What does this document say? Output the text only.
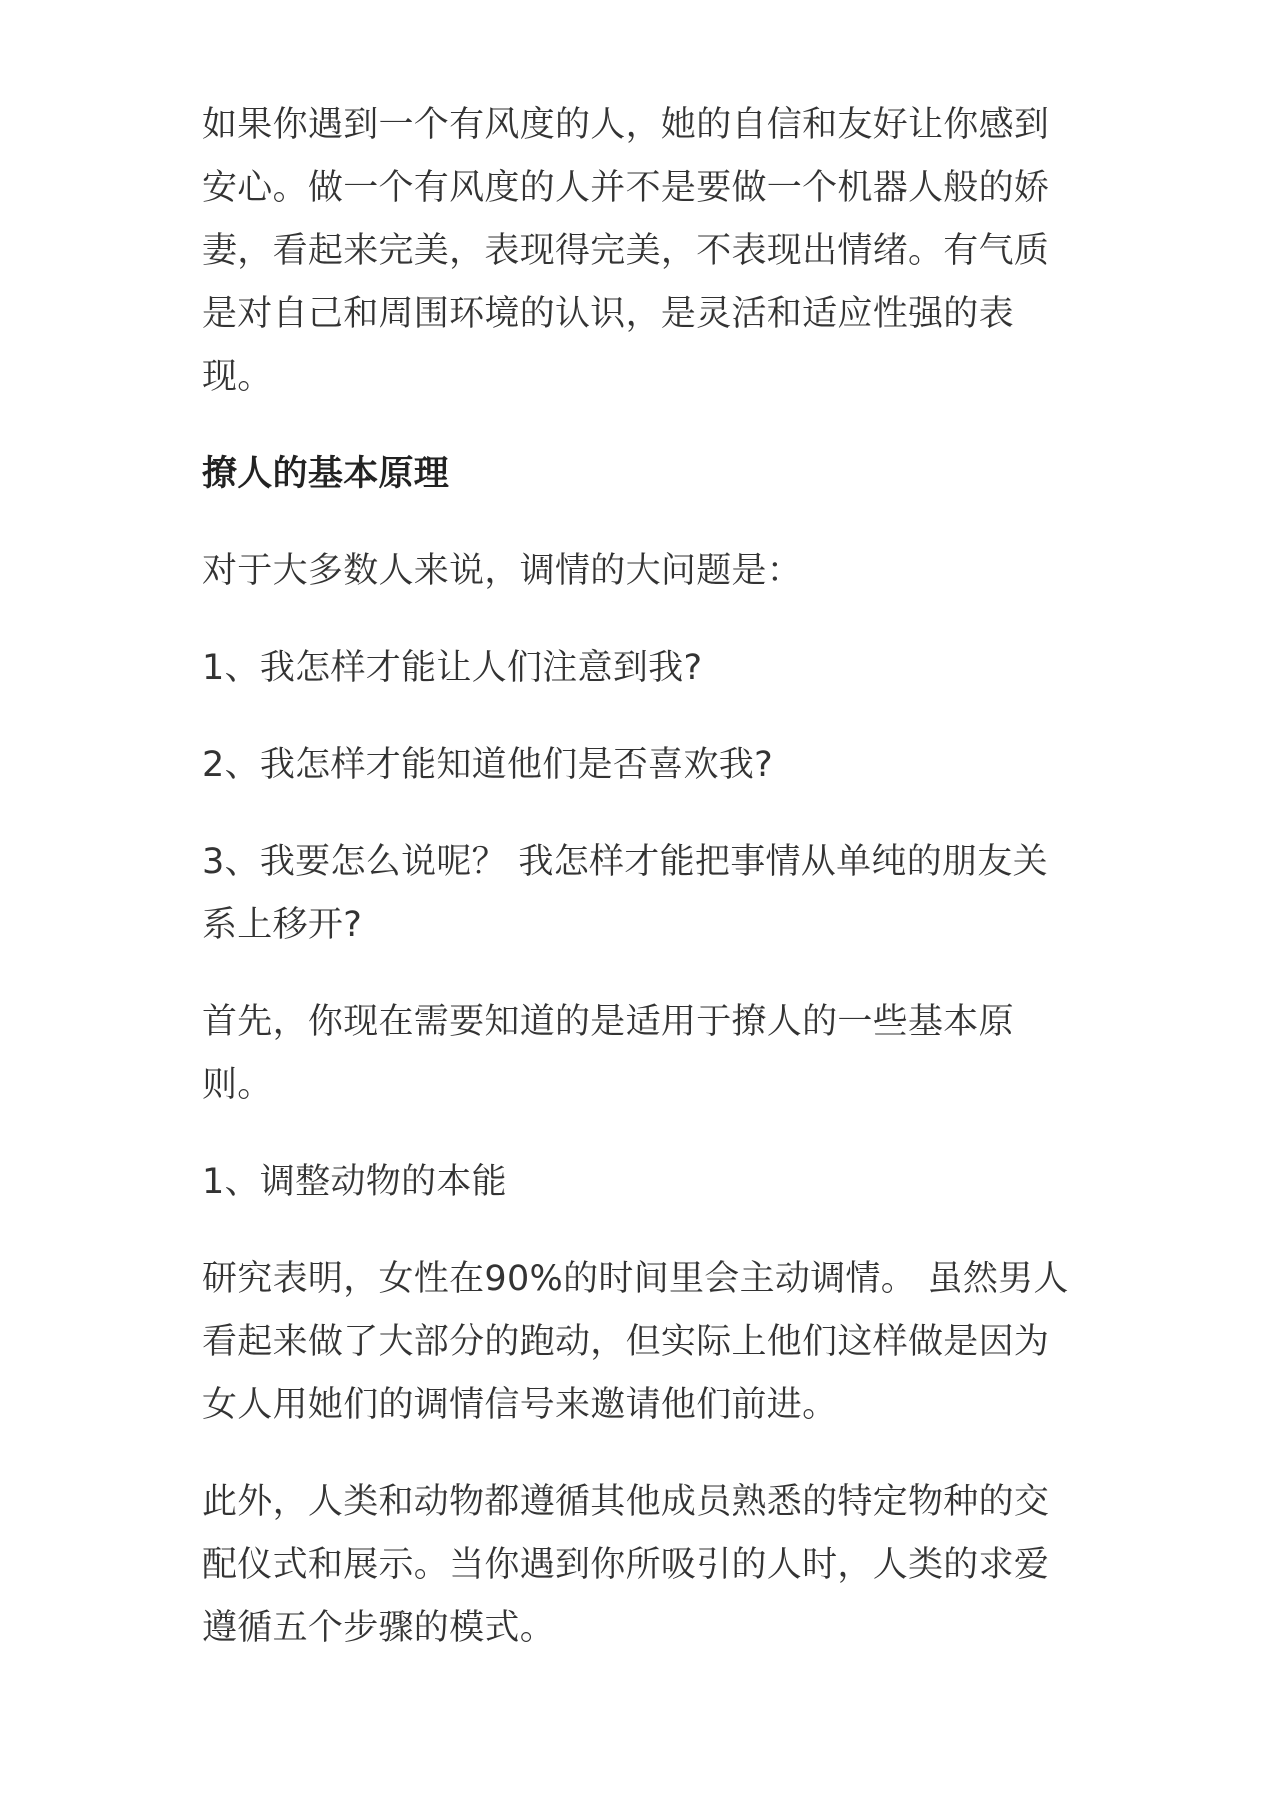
如果你遇到一个有风度的人，她的自信和友好让你感到安心。做一个有风度的人并不是要做一个机器人般的娇妻，看起来完美，表现得完美，不表现出情绪。有气质是对自己和周围环境的认识，是灵活和适应性强的表现。

撩人的基本原理

对于大多数人来说，调情的大问题是：

1、我怎样才能让人们注意到我?

2、我怎样才能知道他们是否喜欢我?

3、我要怎么说呢？ 我怎样才能把事情从单纯的朋友关系上移开?

首先，你现在需要知道的是适用于撩人的一些基本原则。

1、调整动物的本能

研究表明，女性在90%的时间里会主动调情。 虽然男人看起来做了大部分的跑动，但实际上他们这样做是因为女人用她们的调情信号来邀请他们前进。

此外，人类和动物都遵循其他成员熟悉的特定物种的交配仪式和展示。当你遇到你所吸引的人时，人类的求爱遵循五个步骤的模式。
